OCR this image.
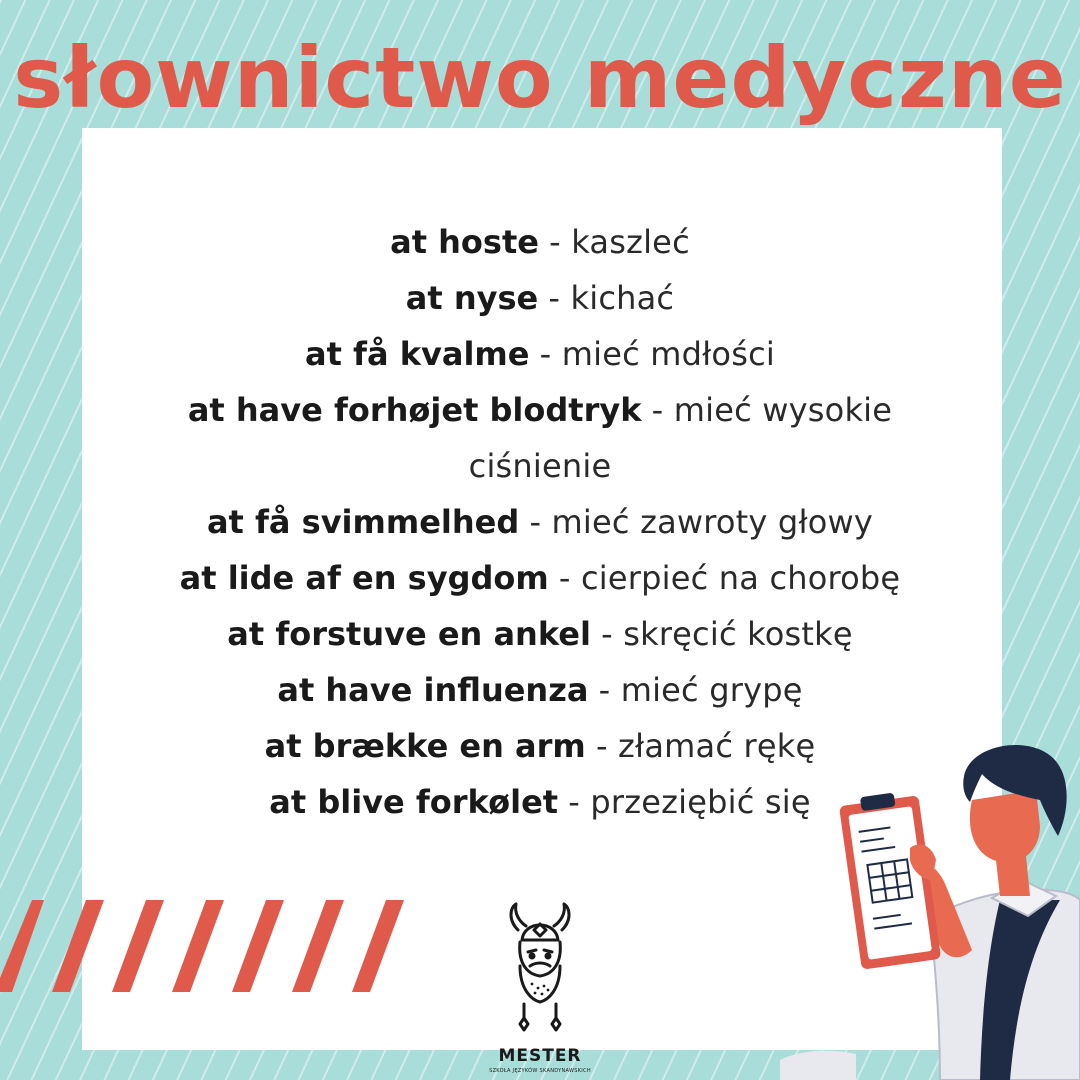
słownictwo medyczne
at hoste - kaszleć
at nyse - kichać
at få kvalme - mieć mdłości
at have forhøjet blodtryk - mieć wysokie ciśnienie
at få svimmelhed - mieć zawroty głowy
at lide af en sygdom - cierpieć na chorobę
at forstuve en ankel - skręcić kostkę
at have influenza - mieć grypę
at brække en arm - złamać rękę
at blive forkølet - przeziębić się
MESTER
SZKOŁA JĘZYKÓW SKANDYNAWSKICH
